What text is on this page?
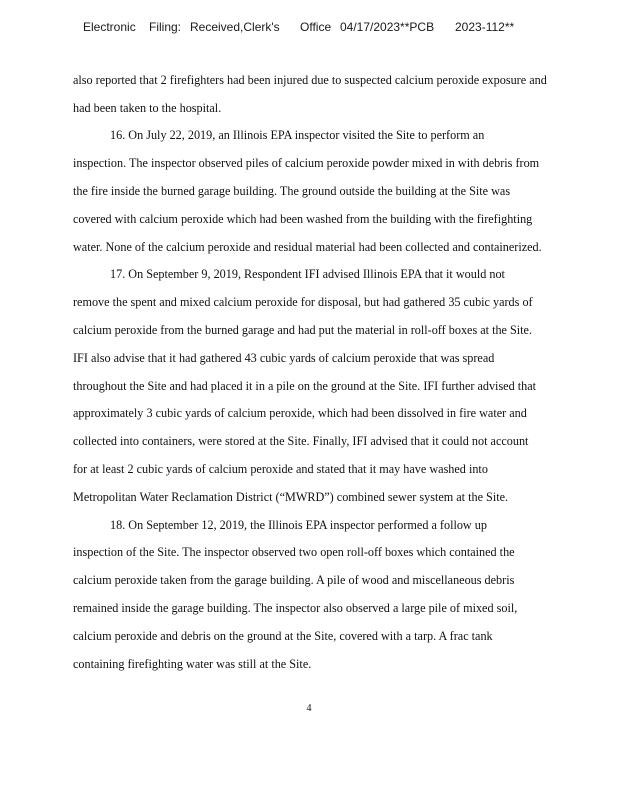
Electronic Filing: Received,Clerk's Office 04/17/2023**PCB 2023-112**
also reported that 2 firefighters had been injured due to suspected calcium peroxide exposure and
had been taken to the hospital.
16. On July 22, 2019, an Illinois EPA inspector visited the Site to perform an
inspection. The inspector observed piles of calcium peroxide powder mixed in with debris from
the fire inside the burned garage building. The ground outside the building at the Site was
covered with calcium peroxide which had been washed from the building with the firefighting
water. None of the calcium peroxide and residual material had been collected and containerized.
17. On September 9, 2019, Respondent IFI advised Illinois EPA that it would not
remove the spent and mixed calcium peroxide for disposal, but had gathered 35 cubic yards of
calcium peroxide from the burned garage and had put the material in roll-off boxes at the Site.
IFI also advise that it had gathered 43 cubic yards of calcium peroxide that was spread
throughout the Site and had placed it in a pile on the ground at the Site. IFI further advised that
approximately 3 cubic yards of calcium peroxide, which had been dissolved in fire water and
collected into containers, were stored at the Site. Finally, IFI advised that it could not account
for at least 2 cubic yards of calcium peroxide and stated that it may have washed into
Metropolitan Water Reclamation District (“MWRD”) combined sewer system at the Site.
18. On September 12, 2019, the Illinois EPA inspector performed a follow up
inspection of the Site. The inspector observed two open roll-off boxes which contained the
calcium peroxide taken from the garage building. A pile of wood and miscellaneous debris
remained inside the garage building. The inspector also observed a large pile of mixed soil,
calcium peroxide and debris on the ground at the Site, covered with a tarp. A frac tank
containing firefighting water was still at the Site.
4
